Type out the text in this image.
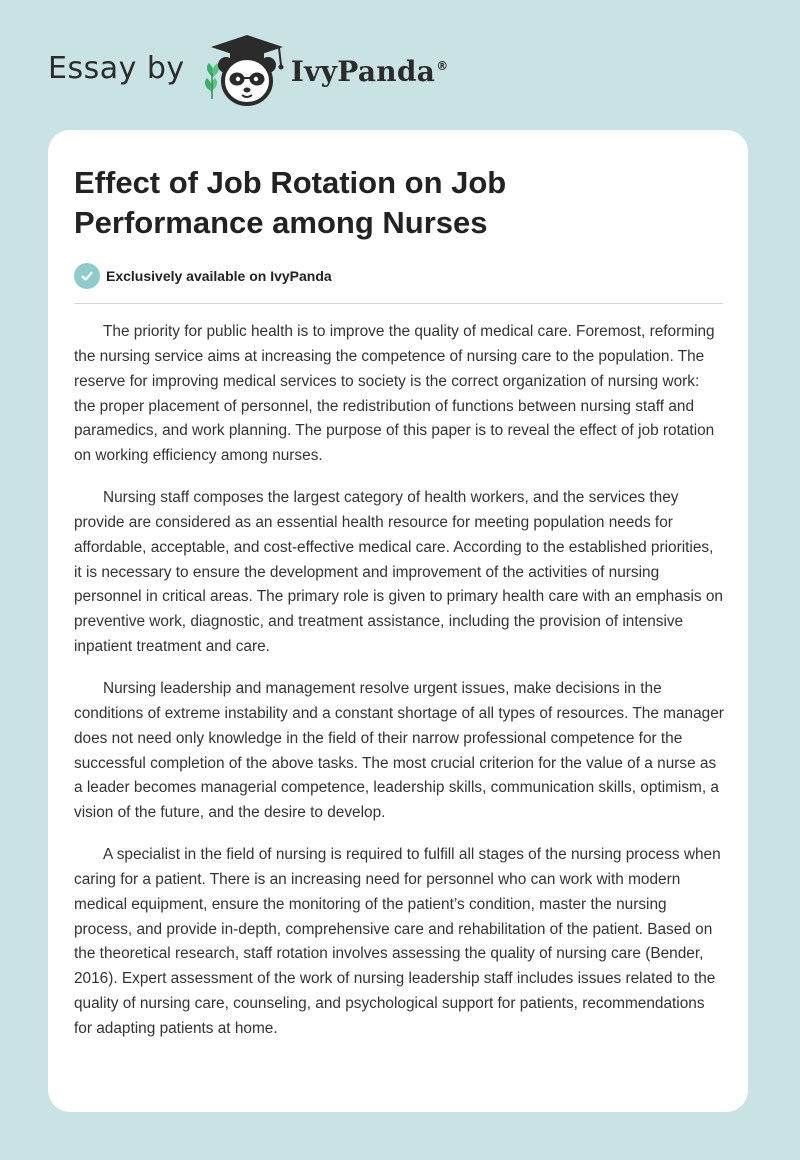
Essay by	IvyPanda®
Effect of Job Rotation on Job Performance among Nurses
Exclusively available on IvyPanda

The priority for public health is to improve the quality of medical care. Foremost, reforming the nursing service aims at increasing the competence of nursing care to the population. The reserve for improving medical services to society is the correct organization of nursing work: the proper placement of personnel, the redistribution of functions between nursing staff and paramedics, and work planning. The purpose of this paper is to reveal the effect of job rotation on working efficiency among nurses.

Nursing staff composes the largest category of health workers, and the services they provide are considered as an essential health resource for meeting population needs for affordable, acceptable, and cost-effective medical care. According to the established priorities, it is necessary to ensure the development and improvement of the activities of nursing personnel in critical areas. The primary role is given to primary health care with an emphasis on preventive work, diagnostic, and treatment assistance, including the provision of intensive inpatient treatment and care.

Nursing leadership and management resolve urgent issues, make decisions in the conditions of extreme instability and a constant shortage of all types of resources. The manager does not need only knowledge in the field of their narrow professional competence for the successful completion of the above tasks. The most crucial criterion for the value of a nurse as a leader becomes managerial competence, leadership skills, communication skills, optimism, a vision of the future, and the desire to develop.

A specialist in the field of nursing is required to fulfill all stages of the nursing process when caring for a patient. There is an increasing need for personnel who can work with modern medical equipment, ensure the monitoring of the patient’s condition, master the nursing process, and provide in-depth, comprehensive care and rehabilitation of the patient. Based on the theoretical research, staff rotation involves assessing the quality of nursing care (Bender, 2016). Expert assessment of the work of nursing leadership staff includes issues related to the quality of nursing care, counseling, and psychological support for patients, recommendations for adapting patients at home.
